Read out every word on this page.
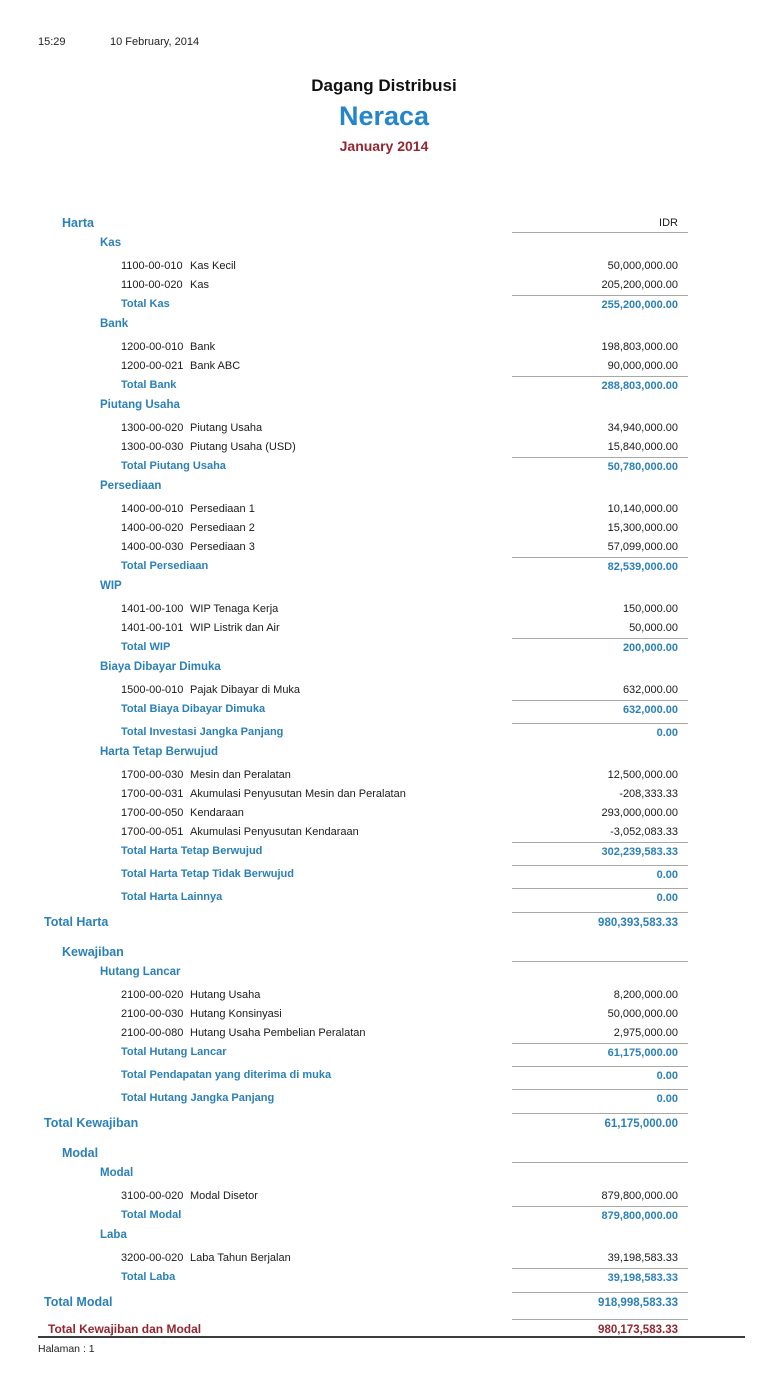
15:29	10 February, 2014
Dagang Distribusi
Neraca
January 2014
Harta	IDR
Kas
1100-00-010 Kas Kecil	50,000,000.00
1100-00-020 Kas	205,200,000.00
Total Kas	255,200,000.00
Bank
1200-00-010 Bank	198,803,000.00
1200-00-021 Bank ABC	90,000,000.00
Total Bank	288,803,000.00
Piutang Usaha
1300-00-020 Piutang Usaha	34,940,000.00
1300-00-030 Piutang Usaha (USD)	15,840,000.00
Total Piutang Usaha	50,780,000.00
Persediaan
1400-00-010 Persediaan 1	10,140,000.00
1400-00-020 Persediaan 2	15,300,000.00
1400-00-030 Persediaan 3	57,099,000.00
Total Persediaan	82,539,000.00
WIP
1401-00-100 WIP Tenaga Kerja	150,000.00
1401-00-101 WIP Listrik dan Air	50,000.00
Total WIP	200,000.00
Biaya Dibayar Dimuka
1500-00-010 Pajak Dibayar di Muka	632,000.00
Total Biaya Dibayar Dimuka	632,000.00
Total Investasi Jangka Panjang	0.00
Harta Tetap Berwujud
1700-00-030 Mesin dan Peralatan	12,500,000.00
1700-00-031 Akumulasi Penyusutan Mesin dan Peralatan	-208,333.33
1700-00-050 Kendaraan	293,000,000.00
1700-00-051 Akumulasi Penyusutan Kendaraan	-3,052,083.33
Total Harta Tetap Berwujud	302,239,583.33
Total Harta Tetap Tidak Berwujud	0.00
Total Harta Lainnya	0.00
Total Harta	980,393,583.33
Kewajiban
Hutang Lancar
2100-00-020 Hutang Usaha	8,200,000.00
2100-00-030 Hutang Konsinyasi	50,000,000.00
2100-00-080 Hutang Usaha Pembelian Peralatan	2,975,000.00
Total Hutang Lancar	61,175,000.00
Total Pendapatan yang diterima di muka	0.00
Total Hutang Jangka Panjang	0.00
Total Kewajiban	61,175,000.00
Modal
Modal
3100-00-020 Modal Disetor	879,800,000.00
Total Modal	879,800,000.00
Laba
3200-00-020 Laba Tahun Berjalan	39,198,583.33
Total Laba	39,198,583.33
Total Modal	918,998,583.33
Total Kewajiban dan Modal	980,173,583.33
Halaman : 1
